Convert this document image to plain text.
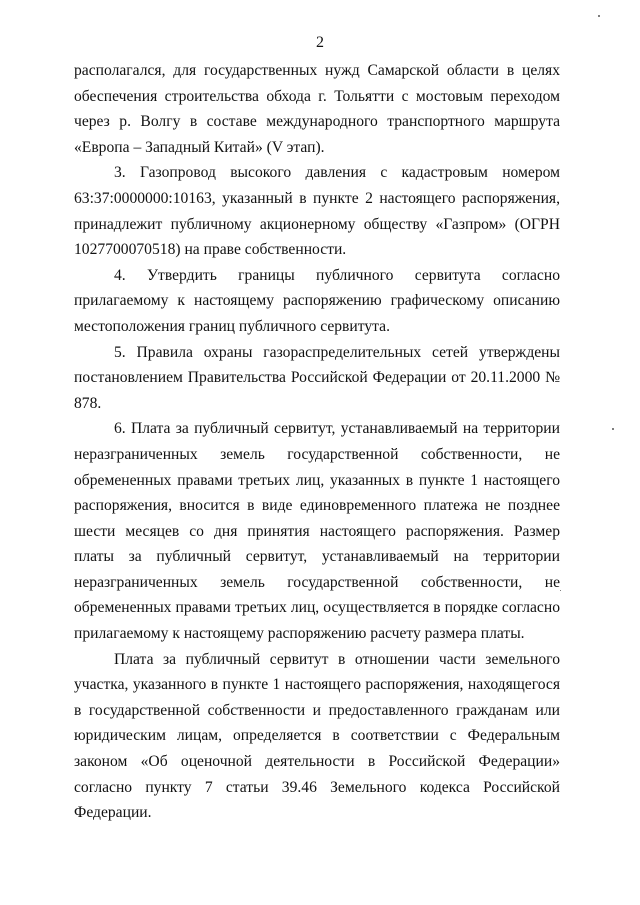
2

располагался, для государственных нужд Самарской области в целях обеспечения строительства обхода г. Тольятти с мостовым переходом через р. Волгу в составе международного транспортного маршрута «Европа – Западный Китай» (V этап).

3. Газопровод высокого давления с кадастровым номером 63:37:0000000:10163, указанный в пункте 2 настоящего распоряжения, принадлежит публичному акционерному обществу «Газпром» (ОГРН 1027700070518) на праве собственности.

4. Утвердить границы публичного сервитута согласно прилагаемому к настоящему распоряжению графическому описанию местоположения границ публичного сервитута.

5. Правила охраны газораспределительных сетей утверждены постановлением Правительства Российской Федерации от 20.11.2000 № 878.

6. Плата за публичный сервитут, устанавливаемый на территории неразграниченных земель государственной собственности, не обремененных правами третьих лиц, указанных в пункте 1 настоящего распоряжения, вносится в виде единовременного платежа не позднее шести месяцев со дня принятия настоящего распоряжения. Размер платы за публичный сервитут, устанавливаемый на территории неразграниченных земель государственной собственности, не обремененных правами третьих лиц, осуществляется в порядке согласно прилагаемому к настоящему распоряжению расчету размера платы.

Плата за публичный сервитут в отношении части земельного участка, указанного в пункте 1 настоящего распоряжения, находящегося в государственной собственности и предоставленного гражданам или юридическим лицам, определяется в соответствии с Федеральным законом «Об оценочной деятельности в Российской Федерации» согласно пункту 7 статьи 39.46 Земельного кодекса Российской Федерации.
